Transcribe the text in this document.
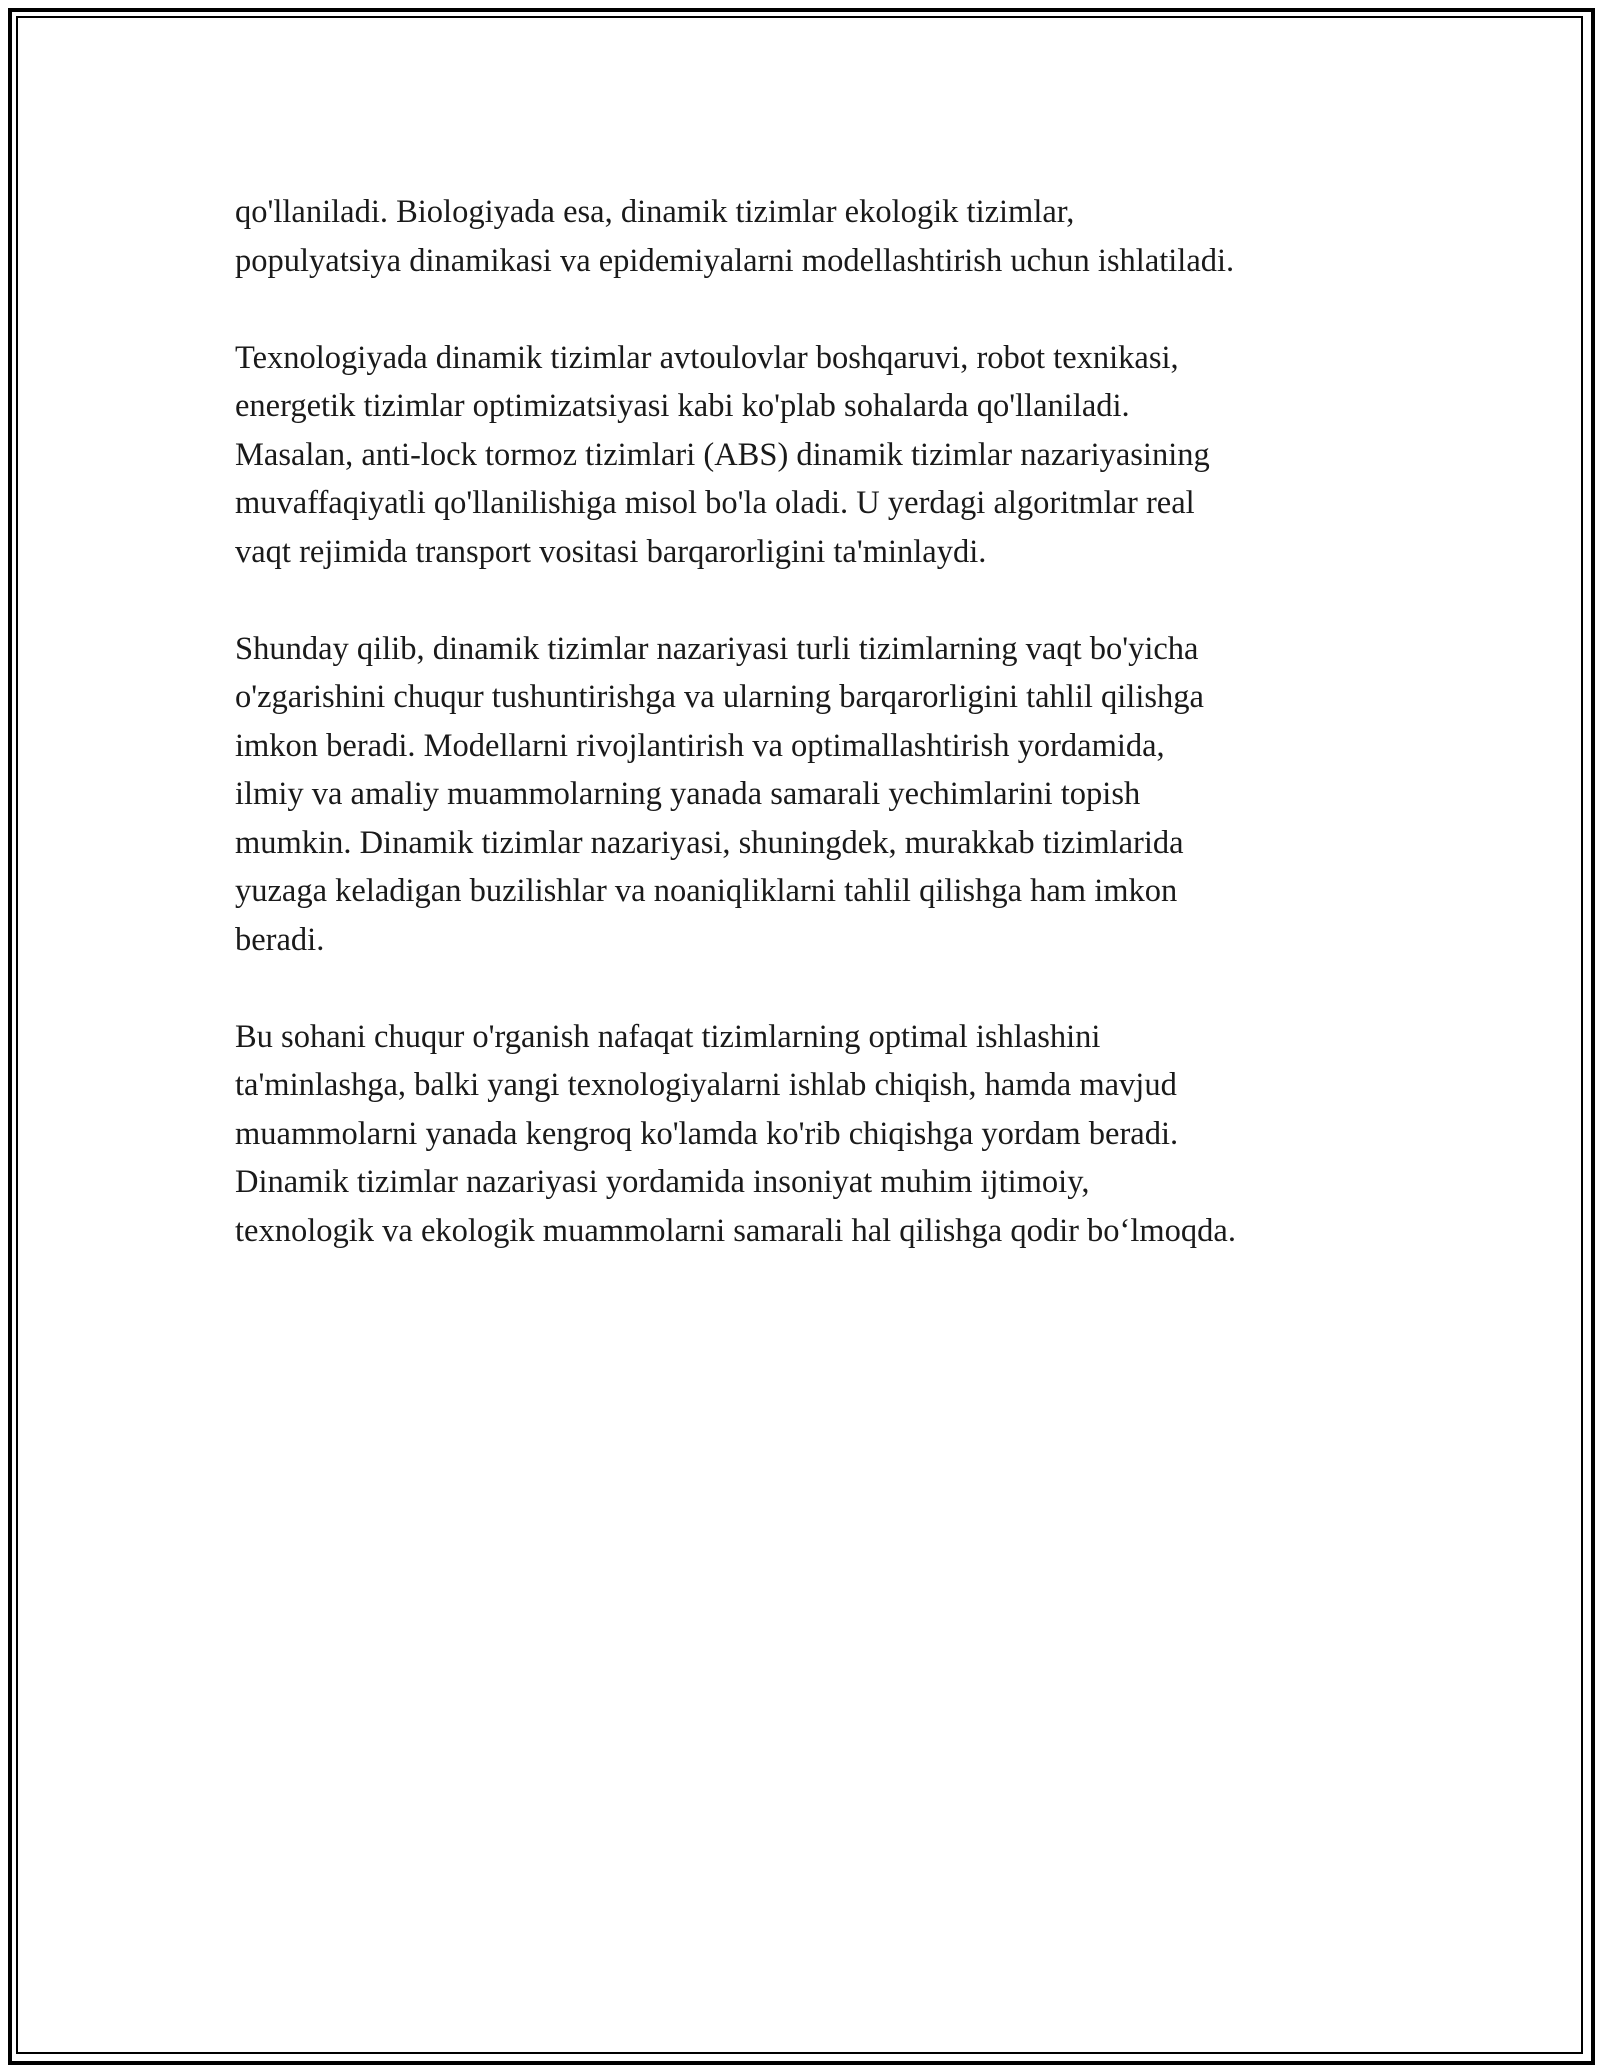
qo'llaniladi. Biologiyada esa, dinamik tizimlar ekologik tizimlar,
populyatsiya dinamikasi va epidemiyalarni modellashtirish uchun ishlatiladi.

Texnologiyada dinamik tizimlar avtoulovlar boshqaruvi, robot texnikasi,
energetik tizimlar optimizatsiyasi kabi ko'plab sohalarda qo'llaniladi.
Masalan, anti-lock tormoz tizimlari (ABS) dinamik tizimlar nazariyasining
muvaffaqiyatli qo'llanilishiga misol bo'la oladi. U yerdagi algoritmlar real
vaqt rejimida transport vositasi barqarorligini ta'minlaydi.

Shunday qilib, dinamik tizimlar nazariyasi turli tizimlarning vaqt bo'yicha
o'zgarishini chuqur tushuntirishga va ularning barqarorligini tahlil qilishga
imkon beradi. Modellarni rivojlantirish va optimallashtirish yordamida,
ilmiy va amaliy muammolarning yanada samarali yechimlarini topish
mumkin. Dinamik tizimlar nazariyasi, shuningdek, murakkab tizimlarida
yuzaga keladigan buzilishlar va noaniqliklarni tahlil qilishga ham imkon
beradi.

Bu sohani chuqur o'rganish nafaqat tizimlarning optimal ishlashini
ta'minlashga, balki yangi texnologiyalarni ishlab chiqish, hamda mavjud
muammolarni yanada kengroq ko'lamda ko'rib chiqishga yordam beradi.
Dinamik tizimlar nazariyasi yordamida insoniyat muhim ijtimoiy,
texnologik va ekologik muammolarni samarali hal qilishga qodir bo‘lmoqda.
